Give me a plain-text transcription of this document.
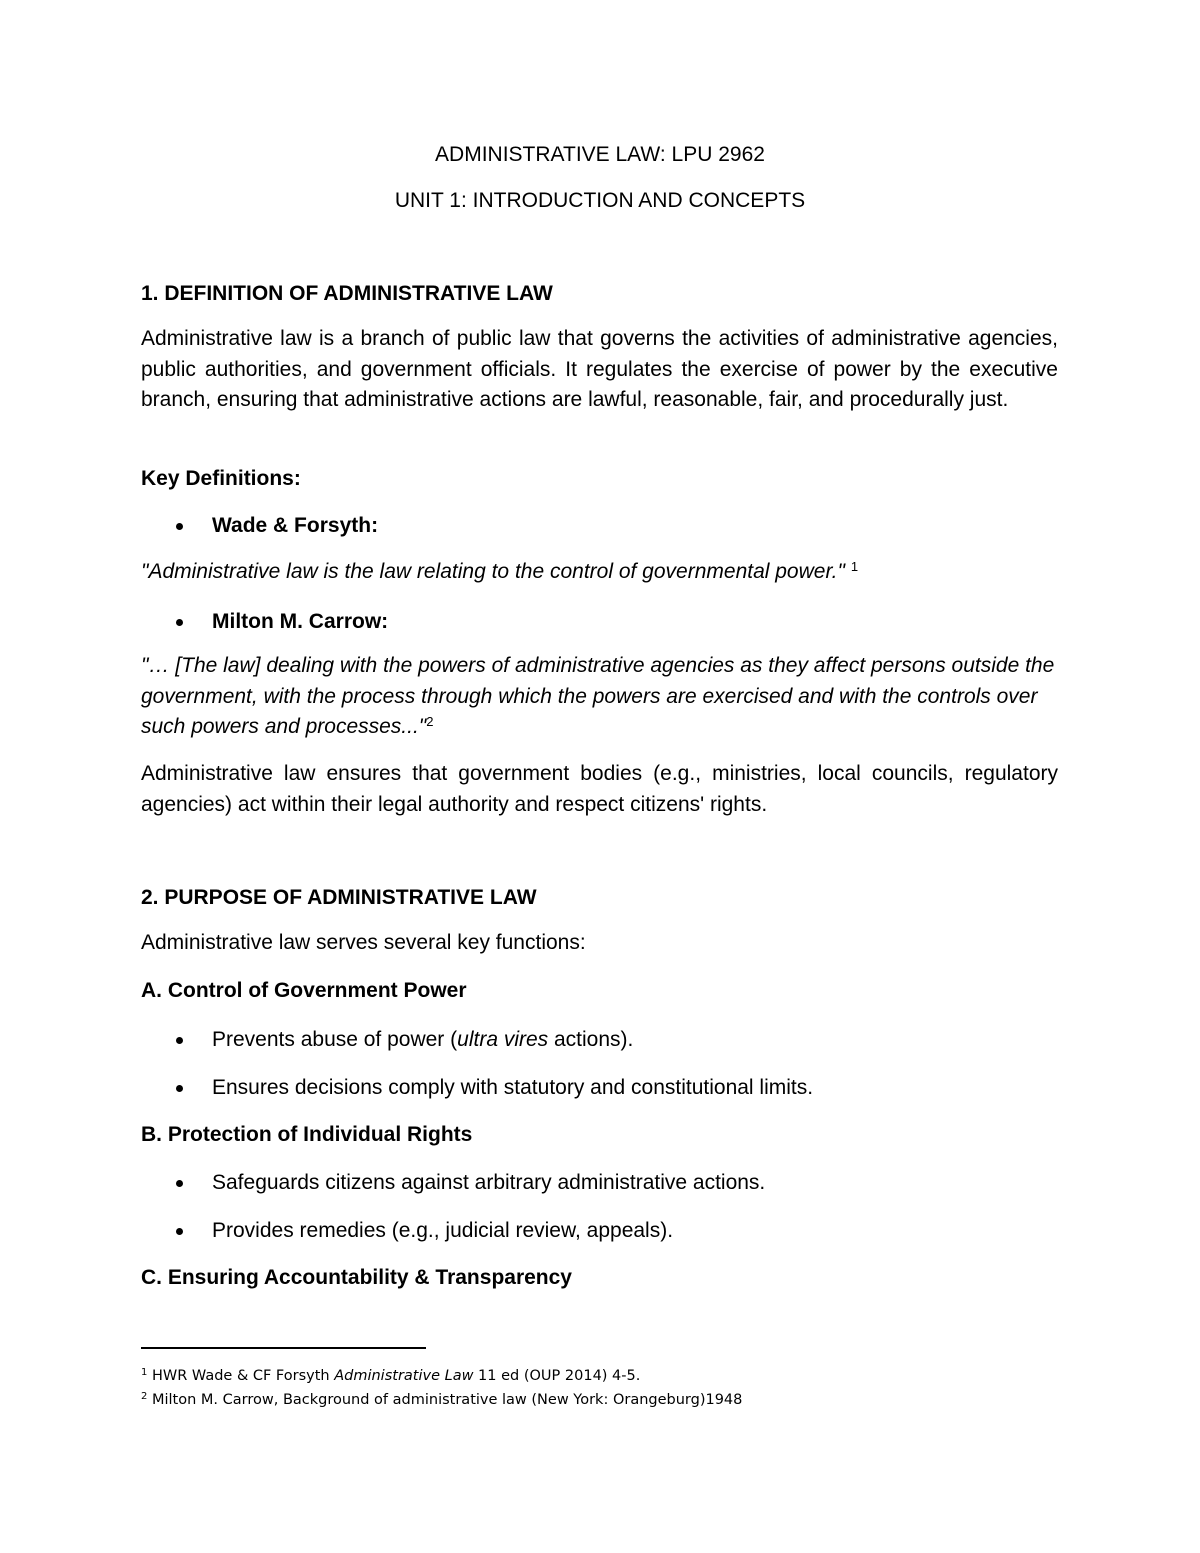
ADMINISTRATIVE LAW: LPU 2962
UNIT 1: INTRODUCTION AND CONCEPTS
1. DEFINITION OF ADMINISTRATIVE LAW

Administrative law is a branch of public law that governs the activities of administrative agencies, public authorities, and government officials. It regulates the exercise of power by the executive branch, ensuring that administrative actions are lawful, reasonable, fair, and procedurally just.

Key Definitions:
Wade & Forsyth:

"Administrative law is the law relating to the control of governmental power." $^1$

Milton M. Carrow:

"… [The law] dealing with the powers of administrative agencies as they affect persons outside the government, with the process through which the powers are exercised and with the controls over such powers and processes..."$^2$

Administrative law ensures that government bodies (e.g., ministries, local councils, regulatory agencies) act within their legal authority and respect citizens' rights.

2. PURPOSE OF ADMINISTRATIVE LAW

Administrative law serves several key functions:

A. Control of Government Power
Prevents abuse of power (ultra vires actions).
Ensures decisions comply with statutory and constitutional limits.
B. Protection of Individual Rights
Safeguards citizens against arbitrary administrative actions.
Provides remedies (e.g., judicial review, appeals).
C. Ensuring Accountability & Transparency
$^1$ HWR Wade & CF Forsyth Administrative Law 11 ed (OUP 2014) 4-5.
$^2$ Milton M. Carrow, Background of administrative law (New York: Orangeburg)1948
